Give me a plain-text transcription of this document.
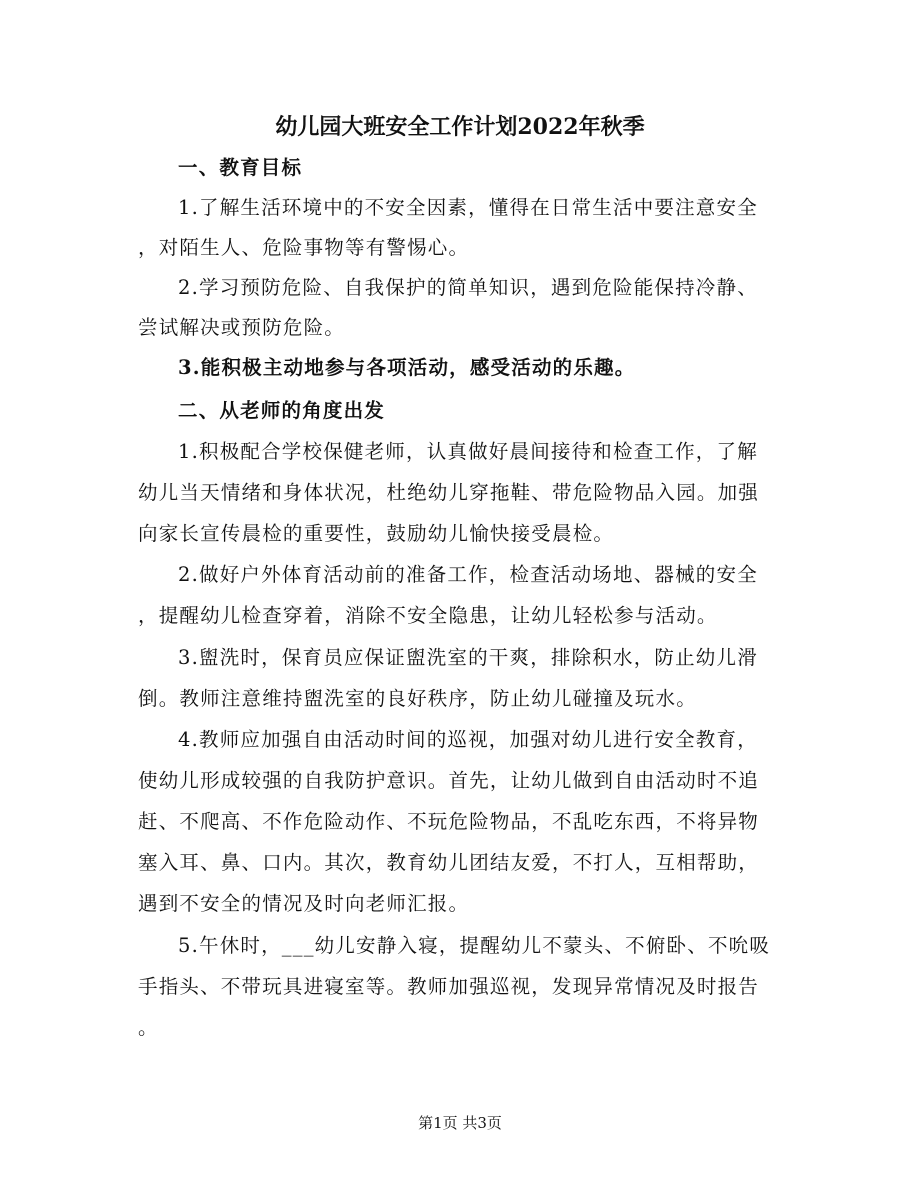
幼儿园大班安全工作计划2022年秋季
一、教育目标
1.了解生活环境中的不安全因素，懂得在日常生活中要注意安全
，对陌生人、危险事物等有警惕心。
2.学习预防危险、自我保护的简单知识，遇到危险能保持冷静、
尝试解决或预防危险。
3.能积极主动地参与各项活动，感受活动的乐趣。
二、从老师的角度出发
1.积极配合学校保健老师，认真做好晨间接待和检查工作，了解
幼儿当天情绪和身体状况，杜绝幼儿穿拖鞋、带危险物品入园。加强
向家长宣传晨检的重要性，鼓励幼儿愉快接受晨检。
2.做好户外体育活动前的准备工作，检查活动场地、器械的安全
，提醒幼儿检查穿着，消除不安全隐患，让幼儿轻松参与活动。
3.盥洗时，保育员应保证盥洗室的干爽，排除积水，防止幼儿滑
倒。教师注意维持盥洗室的良好秩序，防止幼儿碰撞及玩水。
4.教师应加强自由活动时间的巡视，加强对幼儿进行安全教育，
使幼儿形成较强的自我防护意识。首先，让幼儿做到自由活动时不追
赶、不爬高、不作危险动作、不玩危险物品，不乱吃东西，不将异物
塞入耳、鼻、口内。其次，教育幼儿团结友爱，不打人，互相帮助，
遇到不安全的情况及时向老师汇报。
5.午休时，___幼儿安静入寝，提醒幼儿不蒙头、不俯卧、不吮吸
手指头、不带玩具进寝室等。教师加强巡视，发现异常情况及时报告
。
第1页 共3页
